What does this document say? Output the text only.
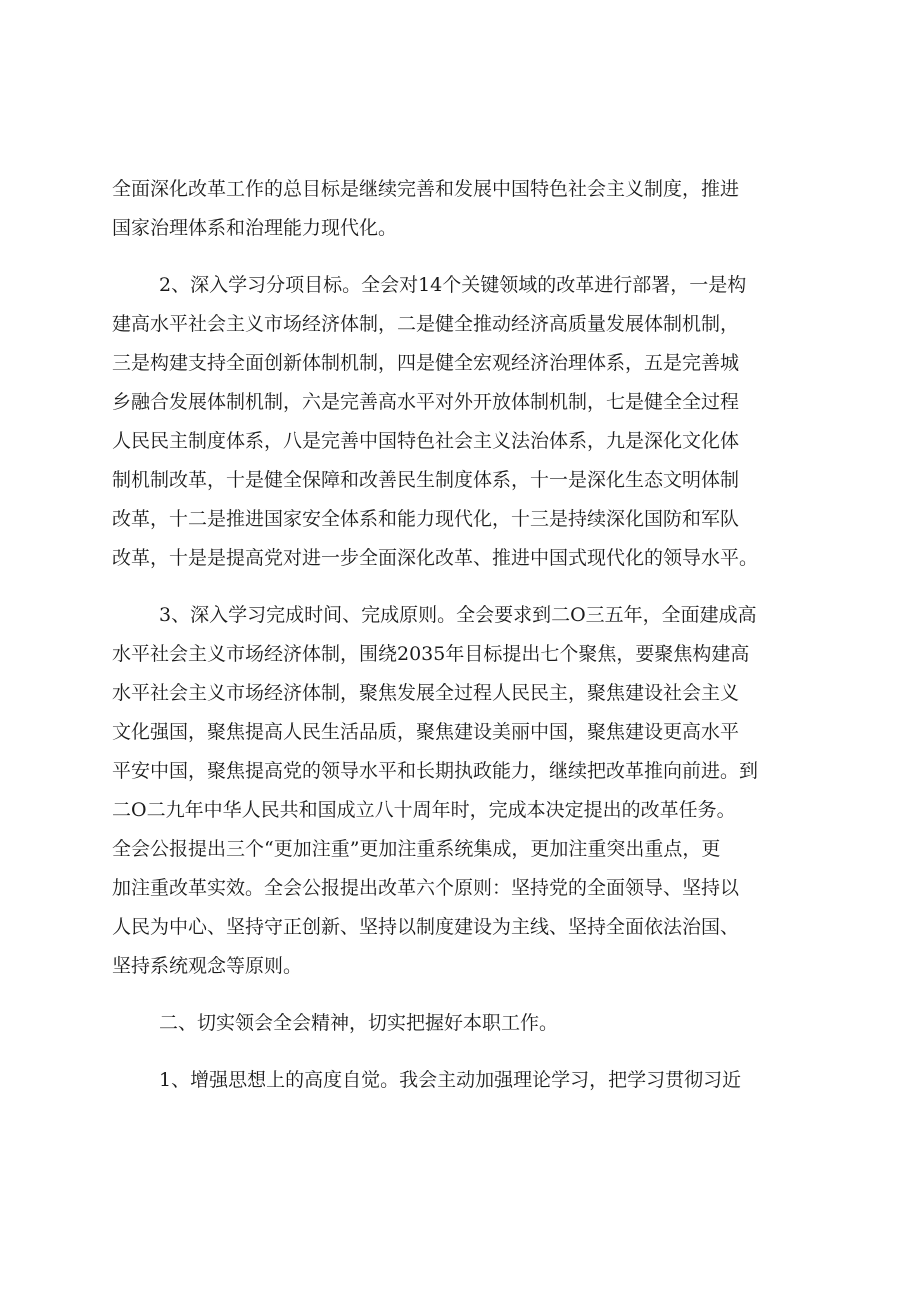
全面深化改革工作的总目标是继续完善和发展中国特色社会主义制度，推进
国家治理体系和治理能力现代化。
2、深入学习分项目标。全会对14个关键领域的改革进行部署，一是构
建高水平社会主义市场经济体制，二是健全推动经济高质量发展体制机制，
三是构建支持全面创新体制机制，四是健全宏观经济治理体系，五是完善城
乡融合发展体制机制，六是完善高水平对外开放体制机制，七是健全全过程
人民民主制度体系，八是完善中国特色社会主义法治体系，九是深化文化体
制机制改革，十是健全保障和改善民生制度体系，十一是深化生态文明体制
改革，十二是推进国家安全体系和能力现代化，十三是持续深化国防和军队
改革，十是是提高党对进一步全面深化改革、推进中国式现代化的领导水平。
3、深入学习完成时间、完成原则。全会要求到二O三五年，全面建成高
水平社会主义市场经济体制，围绕2035年目标提出七个聚焦，要聚焦构建高
水平社会主义市场经济体制，聚焦发展全过程人民民主，聚焦建设社会主义
文化强国，聚焦提高人民生活品质，聚焦建设美丽中国，聚焦建设更高水平
平安中国，聚焦提高党的领导水平和长期执政能力，继续把改革推向前进。到
二O二九年中华人民共和国成立八十周年时，完成本决定提出的改革任务。
全会公报提出三个“更加注重”更加注重系统集成，更加注重突出重点，更
加注重改革实效。全会公报提出改革六个原则：坚持党的全面领导、坚持以
人民为中心、坚持守正创新、坚持以制度建设为主线、坚持全面依法治国、
坚持系统观念等原则。
二、切实领会全会精神，切实把握好本职工作。
1、增强思想上的高度自觉。我会主动加强理论学习，把学习贯彻习近
